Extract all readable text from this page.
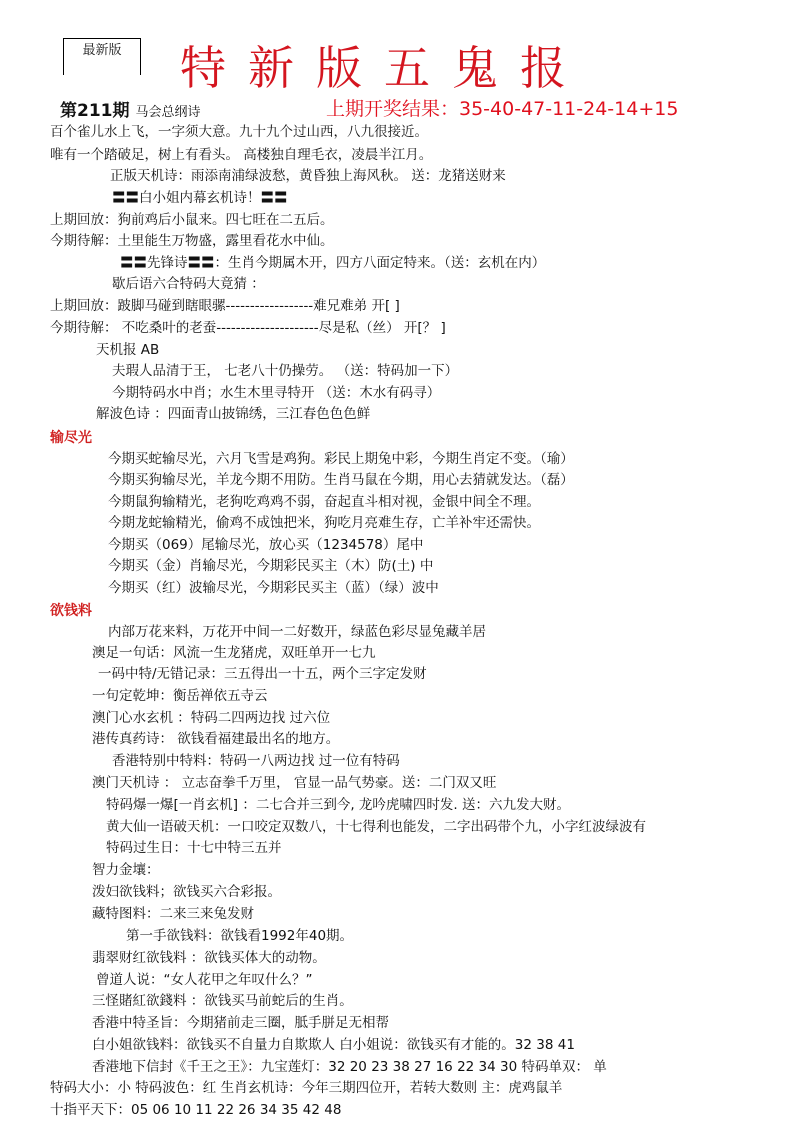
最新版	特新版五鬼报
第211期 马会总纲诗	上期开奖结果：35-40-47-11-24-14+15
百个雀儿水上飞，一字须大意。九十九个过山西，八九很接近。
唯有一个踏破足，树上有看头。 高楼独自理毛衣，凌晨半江月。
正版天机诗：雨添南浦绿波愁，黄昏独上海风秋。 送：龙猪送财来
〓〓白小姐内幕玄机诗！〓〓
上期回放：狗前鸡后小鼠来。四七旺在二五后。
今期待解：土里能生万物盛，露里看花水中仙。
〓〓先锋诗〓〓：生肖今期属木开，四方八面定特来。（送：玄机在内）
歇后语六合特码大竟猜 ：
上期回放：跛脚马碰到瞎眼骡------------------难兄难弟 开[ ]
今期待解： 不吃桑叶的老蚕---------------------尽是私（丝） 开[？ ]
天机报 AB
夫瑕人品清于王， 七老八十仍操劳。 （送：特码加一下）
今期特码水中肖；水生木里寻特开 （送：木水有码寻）
解波色诗 ：四面青山披锦绣，三江春色色色鲜
今期买蛇输尽光，六月飞雪是鸡狗。彩民上期兔中彩，今期生肖定不变。（瑜）
今期买狗输尽光，羊龙今期不用防。生肖马鼠在今期，用心去猜就发达。（磊）
今期鼠狗输精光，老狗吃鸡鸡不弱，奋起直斗相对视，金银中间全不理。
今期龙蛇输精光，偷鸡不成蚀把米，狗吃月亮难生存，亡羊补牢还需快。
今期买（069）尾输尽光，放心买（1234578）尾中
今期买（金）肖输尽光，今期彩民买主（木）防(土) 中
今期买（红）波输尽光，今期彩民买主（蓝）（绿）波中
内部万花来料，万花开中间一二好数开，绿蓝色彩尽显兔藏羊居
澳足一句话：风流一生龙猪虎，双旺单开一七九
一码中特/无错记录：三五得出一十五，两个三字定发财
一句定乾坤：衡岳禅依五寺云
澳门心水玄机 ：特码二四两边找 过六位
港传真药诗： 欲钱看福建最出名的地方。
香港特别中特料：特码一八两边找 过一位有特码
澳门天机诗 ： 立志奋拳千万里， 官显一品气势豪。送：二门双又旺
特码爆一爆[一肖玄机] ：二七合并三到今, 龙吟虎啸四时发. 送：六九发大财。
黄大仙一语破天机：一口咬定双数八，十七得利也能发，二字出码带个九，小字红波绿波有
特码过生日：十七中特三五并
智力金壤：
泼妇欲钱料；欲钱买六合彩报。
藏特图料：二来三来兔发财
第一手欲钱料：欲钱看1992年40期。
翡翠财红欲钱料 ：欲钱买体大的动物。
曾道人说：“女人花甲之年叹什么？”
三怪賭紅欲錢料 ：欲钱买马前蛇后的生肖。
香港中特圣旨：今期猪前走三圈，胝手胼足无相帮
白小姐欲钱料：欲钱买不自量力自欺欺人 白小姐说：欲钱买有才能的。32 38 41
香港地下信封《千王之王》：九宝莲灯：32 20 23 38 27 16 22 34 30 特码单双： 单
特码大小：小 特码波色：红 生肖玄机诗：今年三期四位开，若转大数则 主：虎鸡鼠羊
十指平天下：05 06 10 11 22 26 34 35 42 48
输尽光
欲钱料
